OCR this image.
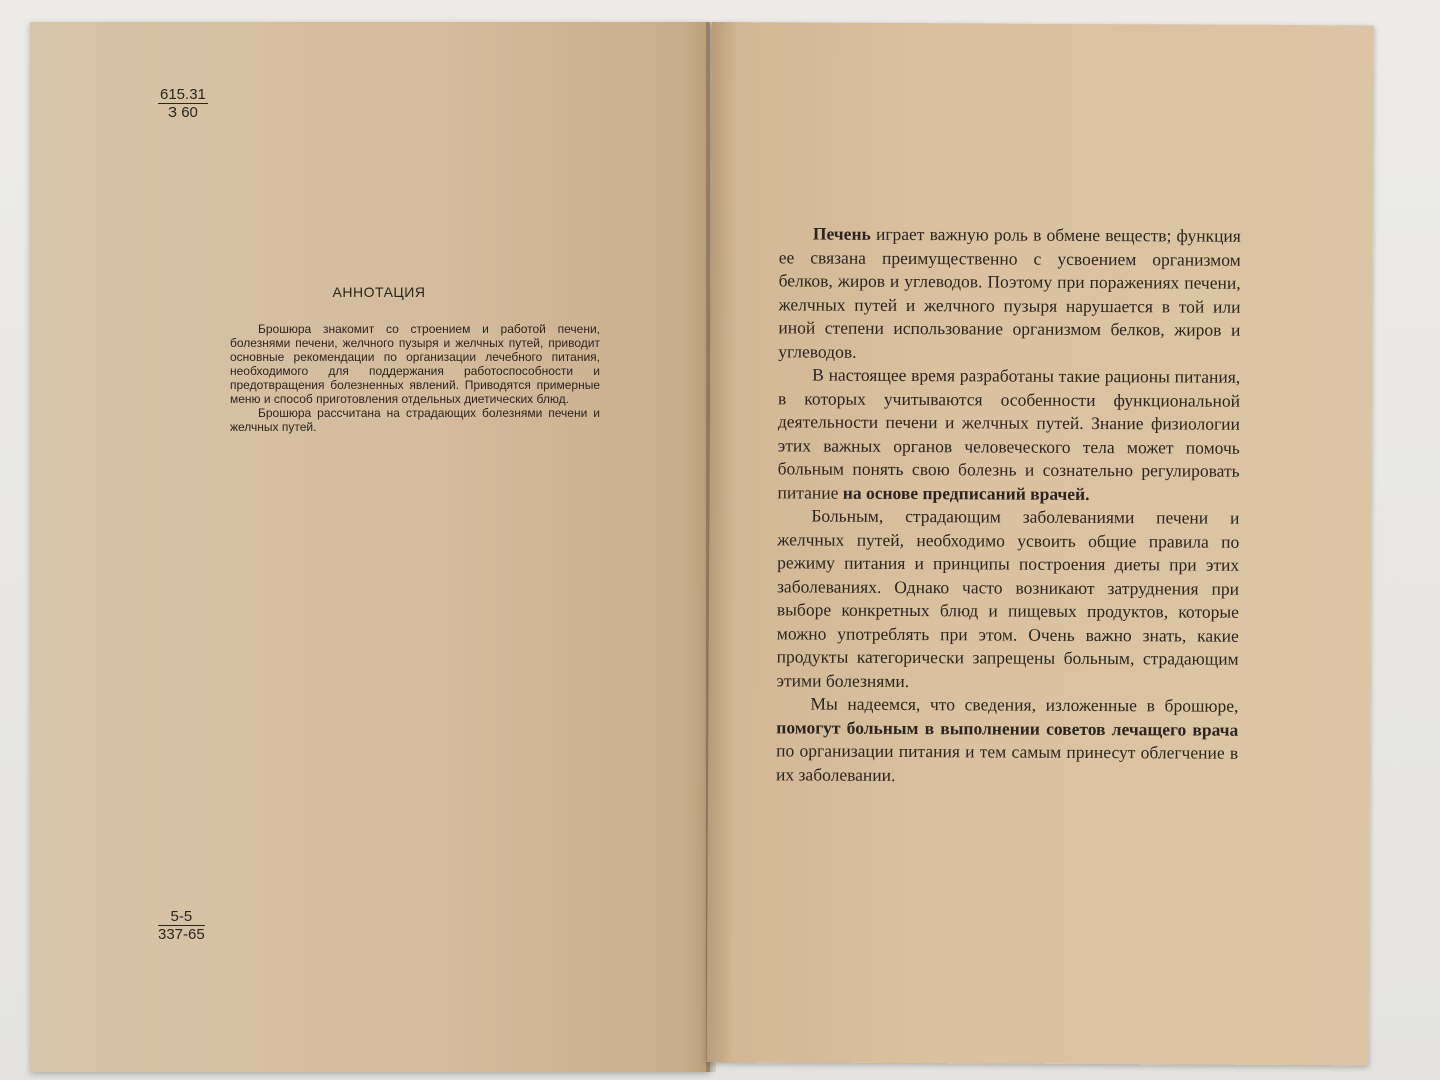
615.31
З 60
АННОТАЦИЯ

Брошюра знакомит со строением и работой печени, болезнями печени, желчного пузыря и желчных путей, приводит основные рекомендации по организации лечебного питания, необходимого для поддержания работоспособности и предотвращения болезненных явлений. Приводятся примерные меню и способ приготовления отдельных диетических блюд.

Брошюра рассчитана на страдающих болезнями печени и желчных путей.

$\frac{5-5}{337-65}$

Печень играет важную роль в обмене веществ; функция ее связана преимущественно с усвоением организмом белков, жиров и углеводов. Поэтому при поражениях печени, желчных путей и желчного пузыря нарушается в той или иной степени использование организмом белков, жиров и углеводов.

В настоящее время разработаны такие рационы питания, в которых учитываются особенности функциональной деятельности печени и желчных путей. Знание физиологии этих важных органов человеческого тела может помочь больным понять свою болезнь и сознательно регулировать питание на основе предписаний врачей.

Больным, страдающим заболеваниями печени и желчных путей, необходимо усвоить общие правила по режиму питания и принципы построения диеты при этих заболеваниях. Однако часто возникают затруднения при выборе конкретных блюд и пищевых продуктов, которые можно употреблять при этом. Очень важно знать, какие продукты категорически запрещены больным, страдающим этими болезнями.

Мы надеемся, что сведения, изложенные в брошюре, помогут больным в выполнении советов лечащего врача по организации питания и тем самым принесут облегчение в их заболевании.
